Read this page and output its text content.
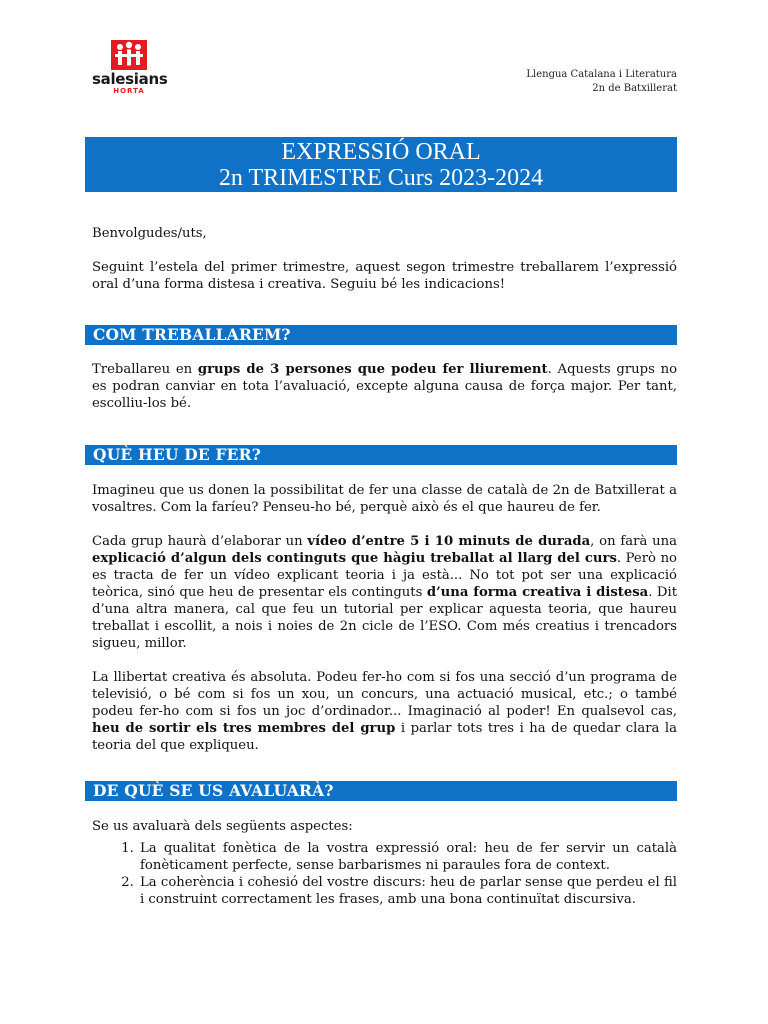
salesians
HORTA
Llengua Catalana i Literatura
2n de Batxillerat
EXPRESSIÓ ORAL
2n TRIMESTRE Curs 2023-2024

Benvolgudes/uts,

Seguint l’estela del primer trimestre, aquest segon trimestre treballarem l’expressió oral d’una forma distesa i creativa. Seguiu bé les indicacions!

COM TREBALLAREM?

Treballareu en grups de 3 persones que podeu fer lliurement. Aquests grups no es podran canviar en tota l’avaluació, excepte alguna causa de força major. Per tant, escolliu-los bé.

QUÈ HEU DE FER?

Imagineu que us donen la possibilitat de fer una classe de català de 2n de Batxillerat a vosaltres. Com la faríeu? Penseu-ho bé, perquè això és el que haureu de fer.

Cada grup haurà d’elaborar un vídeo d’entre 5 i 10 minuts de durada, on farà una explicació d’algun dels continguts que hàgiu treballat al llarg del curs. Però no es tracta de fer un vídeo explicant teoria i ja està... No tot pot ser una explicació teòrica, sinó que heu de presentar els continguts d’una forma creativa i distesa. Dit d’una altra manera, cal que feu un tutorial per explicar aquesta teoria, que haureu treballat i escollit, a nois i noies de 2n cicle de l’ESO. Com més creatius i trencadors sigueu, millor.

La llibertat creativa és absoluta. Podeu fer-ho com si fos una secció d’un programa de televisió, o bé com si fos un xou, un concurs, una actuació musical, etc.; o també podeu fer-ho com si fos un joc d’ordinador... Imaginació al poder! En qualsevol cas, heu de sortir els tres membres del grup i parlar tots tres i ha de quedar clara la teoria del que expliqueu.

DE QUÈ SE US AVALUARÀ?

Se us avaluarà dels següents aspectes:

1. La qualitat fonètica de la vostra expressió oral: heu de fer servir un català fonèticament perfecte, sense barbarismes ni paraules fora de context.
2. La coherència i cohesió del vostre discurs: heu de parlar sense que perdeu el fil i construint correctament les frases, amb una bona continuïtat discursiva.
